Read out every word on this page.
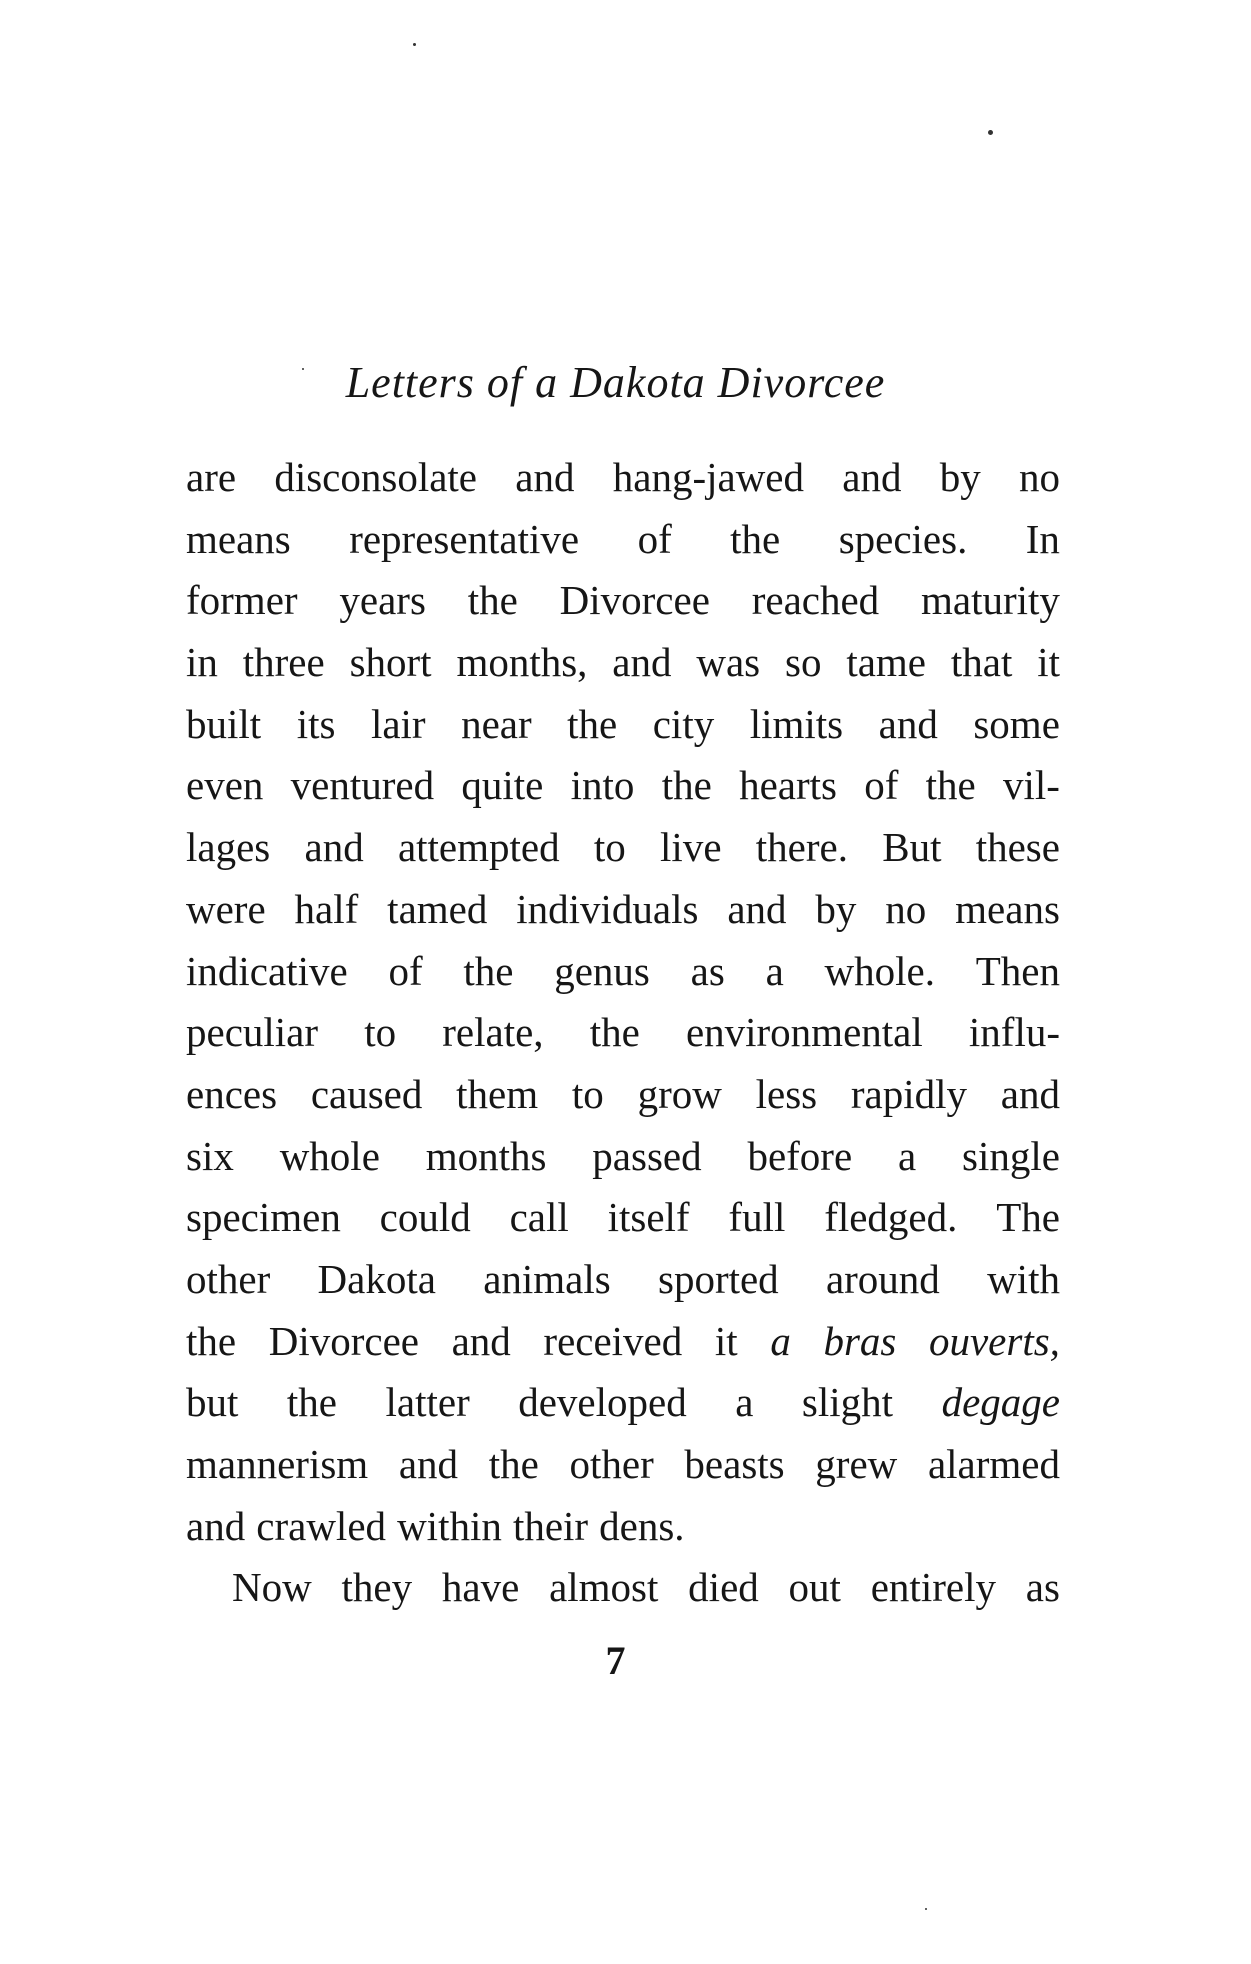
Letters of a Dakota Divorcee
are disconsolate and hang-jawed and by no
means representative of the species. In
former years the Divorcee reached maturity
in three short months, and was so tame that it
built its lair near the city limits and some
even ventured quite into the hearts of the vil-
lages and attempted to live there. But these
were half tamed individuals and by no means
indicative of the genus as a whole. Then
peculiar to relate, the environmental influ-
ences caused them to grow less rapidly and
six whole months passed before a single
specimen could call itself full fledged. The
other Dakota animals sported around with
the Divorcee and received it a bras ouverts,
but the latter developed a slight degage
mannerism and the other beasts grew alarmed
and crawled within their dens.
Now they have almost died out entirely as
7
